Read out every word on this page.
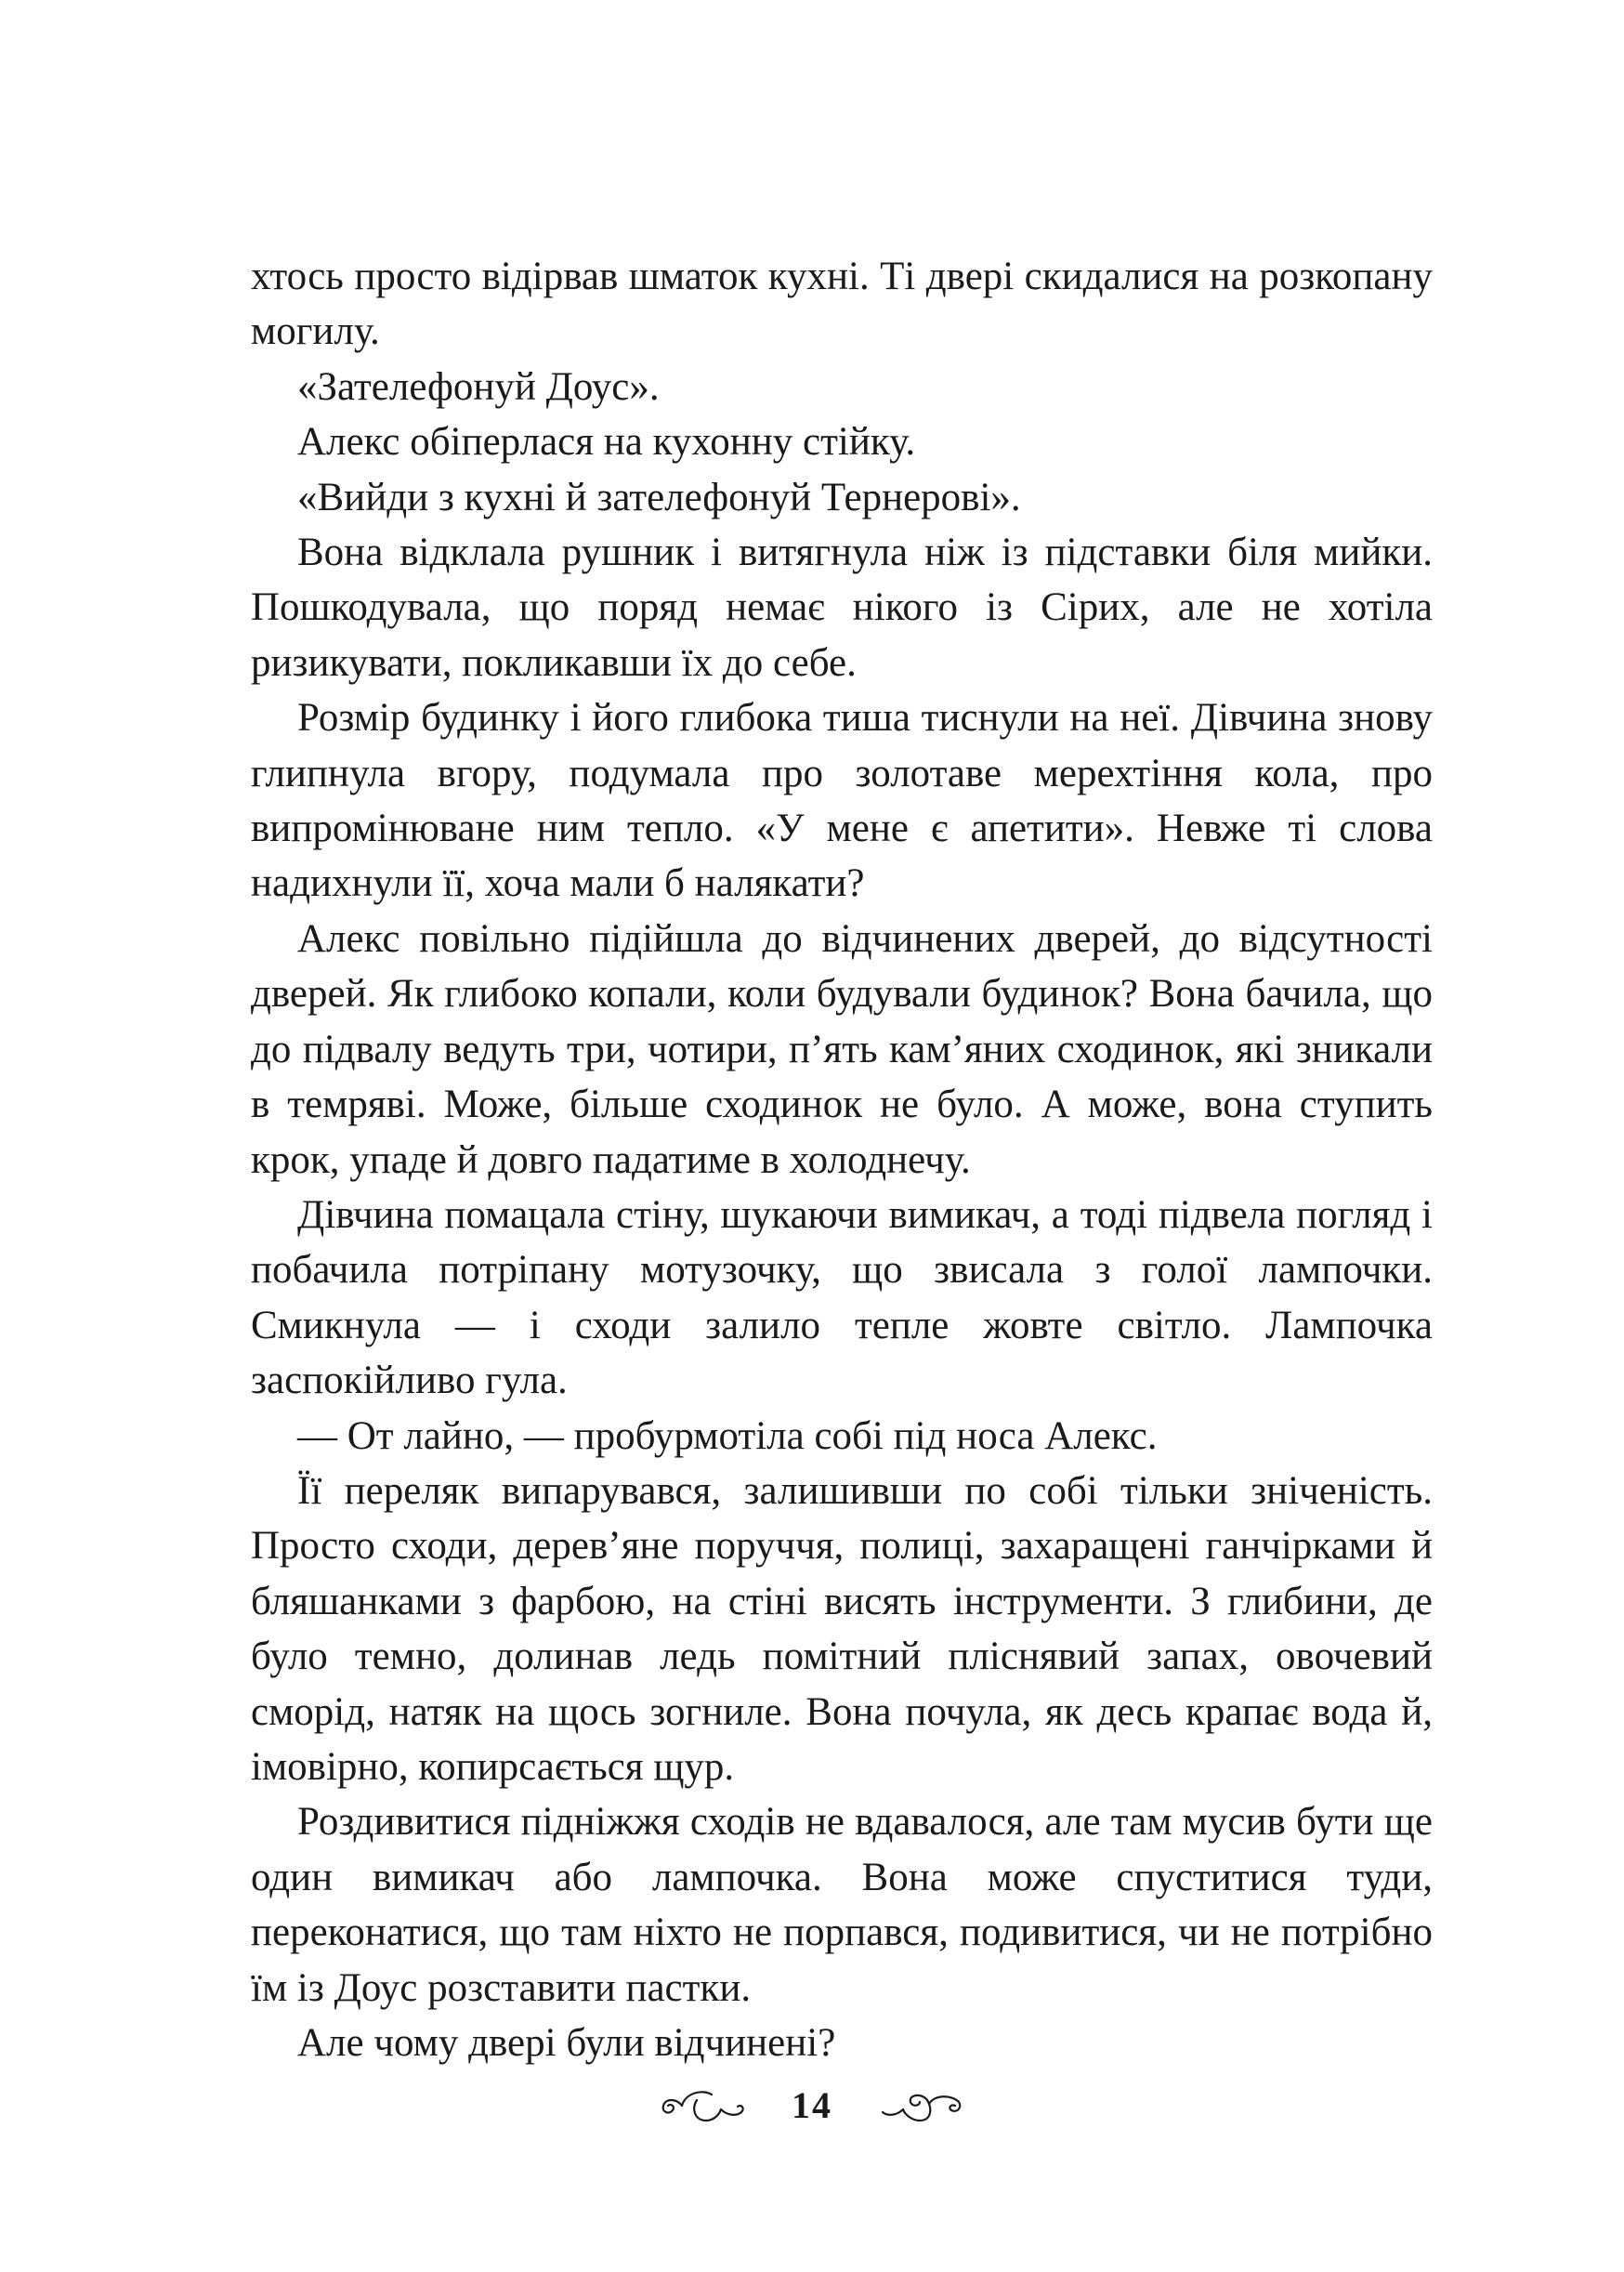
хтось просто відірвав шматок кухні. Ті двері скидалися на розкопану могилу.

«Зателефонуй Доус».

Алекс обіперлася на кухонну стійку.

«Вийди з кухні й зателефонуй Тернерові».

Вона відклала рушник і витягнула ніж із підставки біля мийки. Пошкодувала, що поряд немає нікого із Сірих, але не хотіла ризикувати, покликавши їх до себе.

Розмір будинку і його глибока тиша тиснули на неї. Дівчина знову глипнула вгору, подумала про золотаве мерехтіння кола, про випромінюване ним тепло. «У мене є апетити». Невже ті слова надихнули її, хоча мали б налякати?

Алекс повільно підійшла до відчинених дверей, до відсутності дверей. Як глибоко копали, коли будували будинок? Вона бачила, що до підвалу ведуть три, чотири, п’ять кам’яних сходинок, які зникали в темряві. Може, більше сходинок не було. А може, вона ступить крок, упаде й довго падатиме в холоднечу.

Дівчина помацала стіну, шукаючи вимикач, а тоді підвела погляд і побачила потріпану мотузочку, що звисала з голої лампочки. Смикнула — і сходи залило тепле жовте світло. Лампочка заспокійливо гула.

— От лайно, — пробурмотіла собі під носа Алекс.

Її переляк випарувався, залишивши по собі тільки зніченість. Просто сходи, дерев’яне поруччя, полиці, захаращені ганчірками й бляшанками з фарбою, на стіні висять інструменти. З глибини, де було темно, долинав ледь помітний пліснявий запах, овочевий сморід, натяк на щось зогниле. Вона почула, як десь крапає вода й, імовірно, копирсається щур.

Роздивитися підніжжя сходів не вдавалося, але там мусив бути ще один вимикач або лампочка. Вона може спуститися туди, переконатися, що там ніхто не порпався, подивитися, чи не потрібно їм із Доус розставити пастки.

Але чому двері були відчинені?

14
